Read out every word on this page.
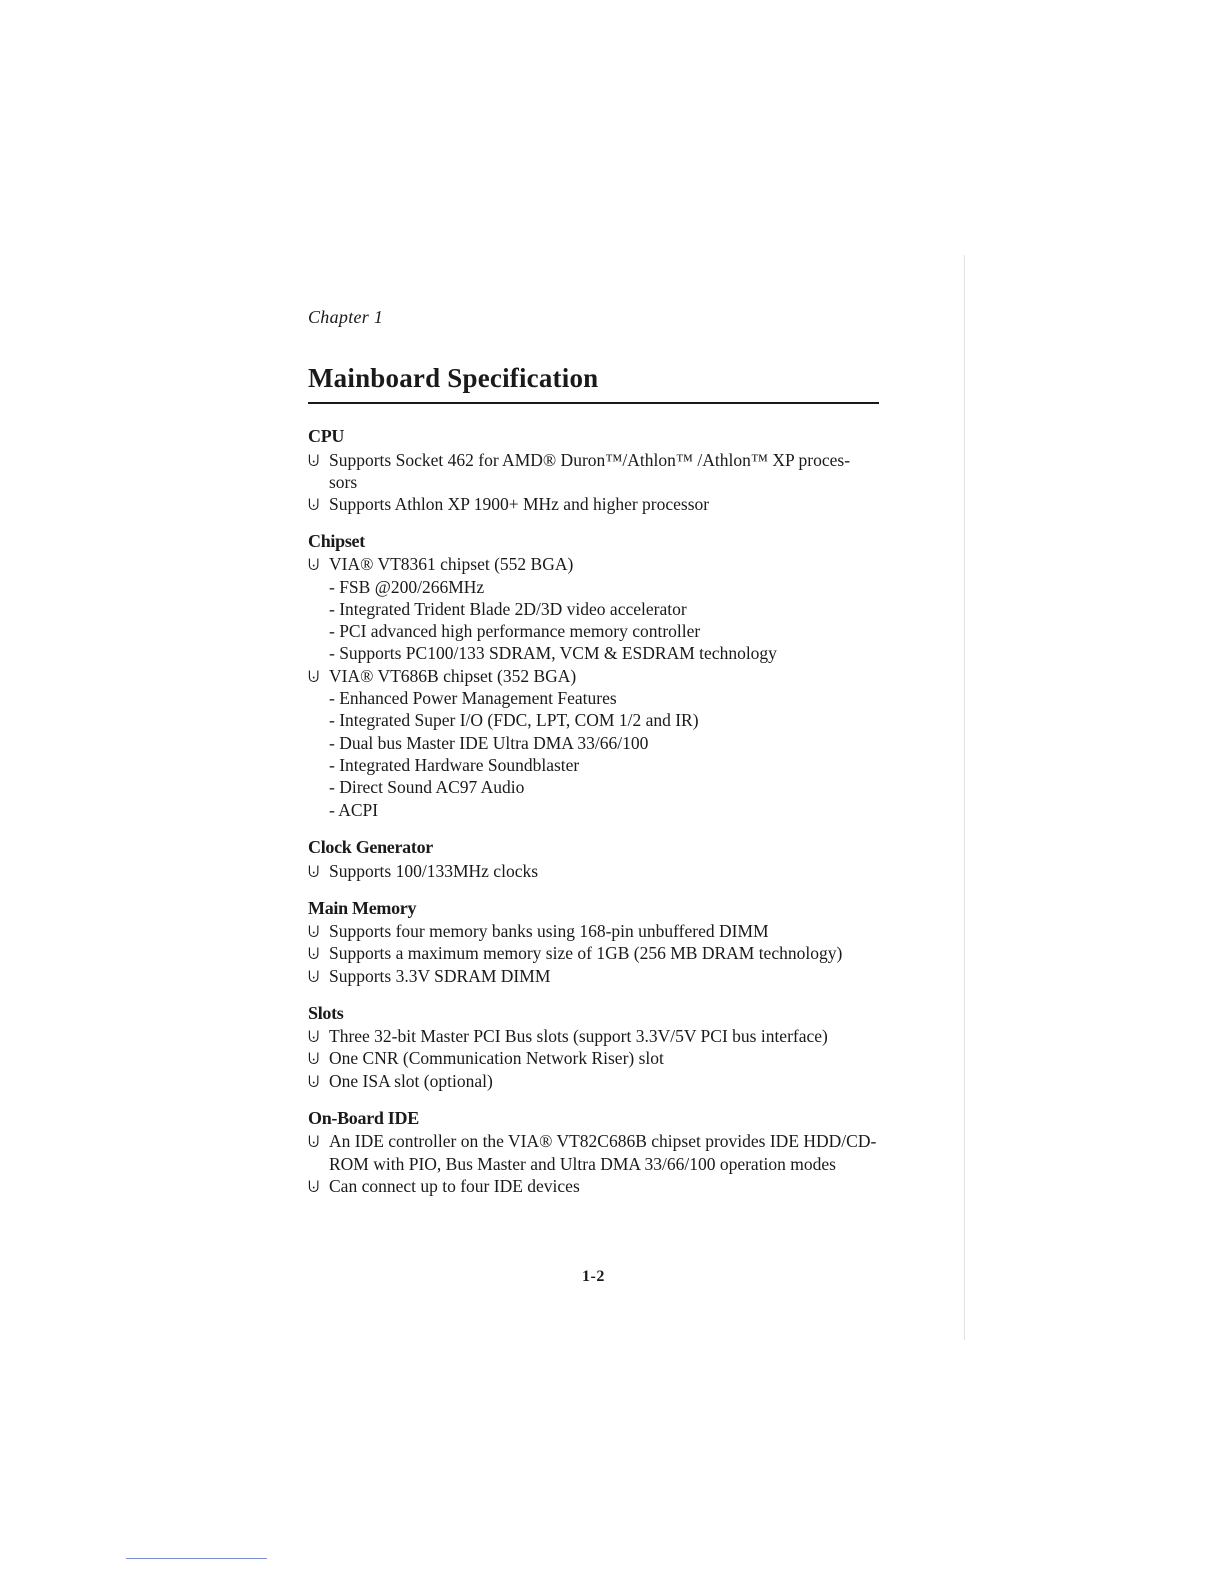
Chapter 1
Mainboard Specification
CPU
⨃ Supports Socket 462 for AMD® Duron™/Athlon™ /Athlon™ XP proces-
sors
⨃ Supports Athlon XP 1900+ MHz and higher processor
Chipset
⨃ VIA® VT8361 chipset (552 BGA)
- FSB @200/266MHz
- Integrated Trident Blade 2D/3D video accelerator
- PCI advanced high performance memory controller
- Supports PC100/133 SDRAM, VCM & ESDRAM technology
⨃ VIA® VT686B chipset (352 BGA)
- Enhanced Power Management Features
- Integrated Super I/O (FDC, LPT, COM 1/2 and IR)
- Dual bus Master IDE Ultra DMA 33/66/100
- Integrated Hardware Soundblaster
- Direct Sound AC97 Audio
- ACPI
Clock Generator
⨃ Supports 100/133MHz clocks
Main Memory
⨃ Supports four memory banks using 168-pin unbuffered DIMM
⨃ Supports a maximum memory size of 1GB (256 MB DRAM technology)
⨃ Supports 3.3V SDRAM DIMM
Slots
⨃ Three 32-bit Master PCI Bus slots (support 3.3V/5V PCI bus interface)
⨃ One CNR (Communication Network Riser) slot
⨃ One ISA slot (optional)
On-Board IDE
⨃ An IDE controller on the VIA® VT82C686B chipset provides IDE HDD/CD-
ROM with PIO, Bus Master and Ultra DMA 33/66/100 operation modes
⨃ Can connect up to four IDE devices
1-2
